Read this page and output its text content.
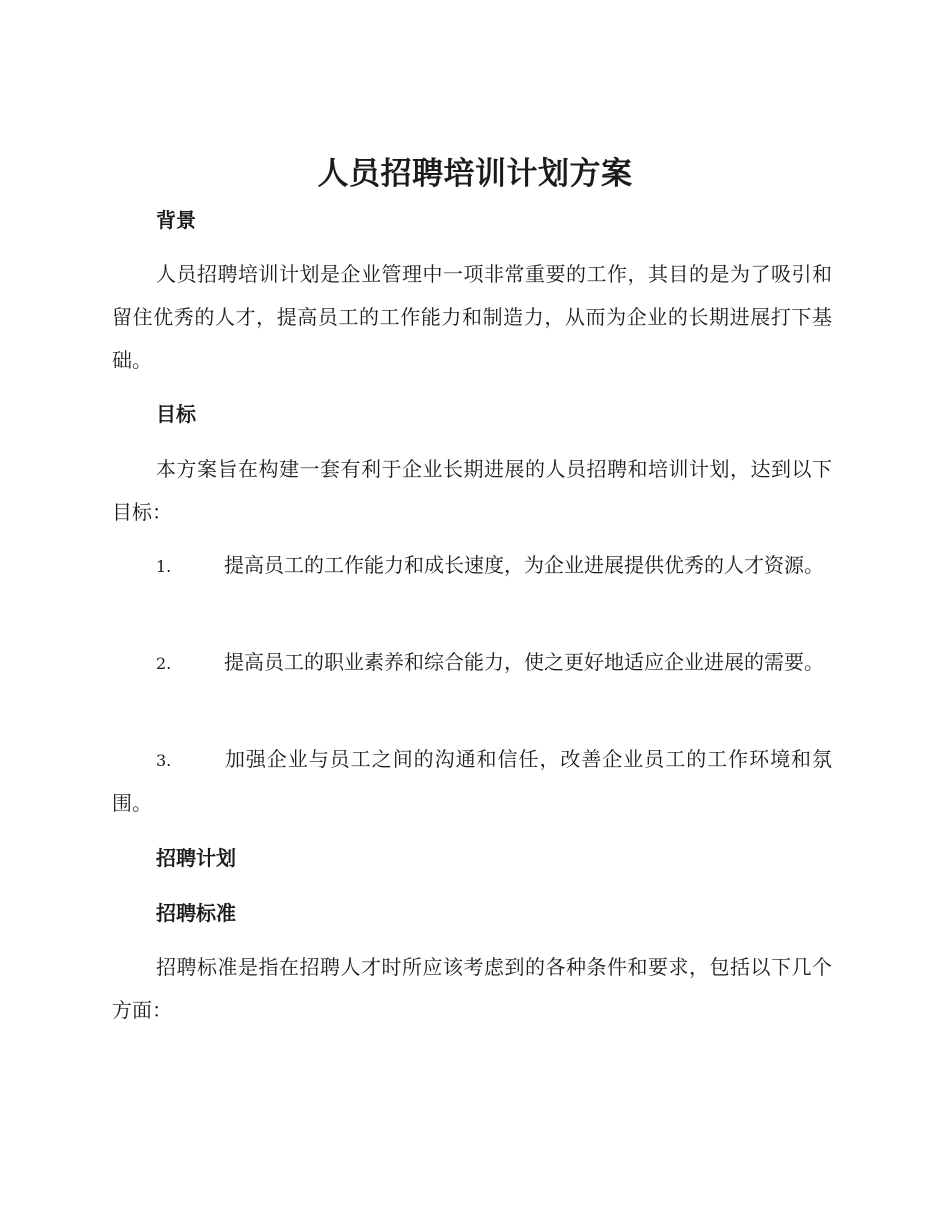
人员招聘培训计划方案
背景
人员招聘培训计划是企业管理中一项非常重要的工作，其目的是为了吸引和留住优秀的人才，提高员工的工作能力和制造力，从而为企业的长期进展打下基础。
目标
本方案旨在构建一套有利于企业长期进展的人员招聘和培训计划，达到以下目标：
1.	提高员工的工作能力和成长速度，为企业进展提供优秀的人才资源。
2.	提高员工的职业素养和综合能力，使之更好地适应企业进展的需要。
3.	加强企业与员工之间的沟通和信任，改善企业员工的工作环境和氛围。
招聘计划
招聘标准
招聘标准是指在招聘人才时所应该考虑到的各种条件和要求，包括以下几个方面：
